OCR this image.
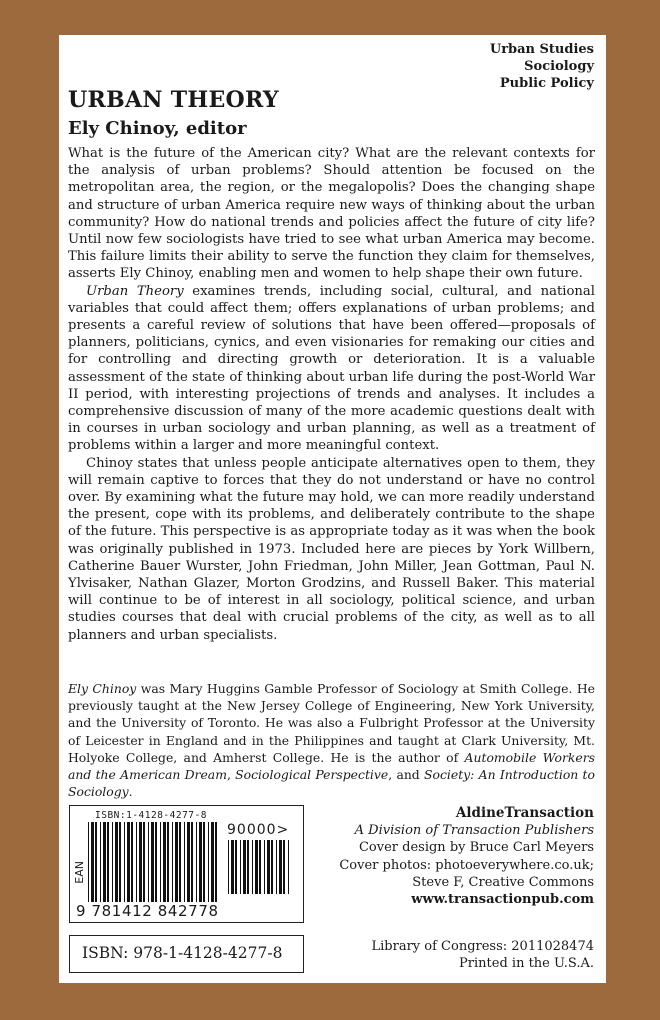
Urban Studies
Sociology
Public Policy
URBAN THEORY
Ely Chinoy, editor

What is the future of the American city? What are the relevant contexts for the analysis of urban problems? Should attention be focused on the metropolitan area, the region, or the megalopolis? Does the changing shape and structure of urban America require new ways of thinking about the urban community? How do national trends and policies affect the future of city life? Until now few sociologists have tried to see what urban America may become. This failure limits their ability to serve the function they claim for themselves, asserts Ely Chinoy, enabling men and women to help shape their own future.

Urban Theory examines trends, including social, cultural, and national variables that could affect them; offers explanations of urban problems; and presents a careful review of solutions that have been offered—proposals of planners, politicians, cynics, and even visionaries for remaking our cities and for controlling and directing growth or deterioration. It is a valuable assessment of the state of thinking about urban life during the post-World War II period, with interesting projections of trends and analyses. It includes a comprehensive discussion of many of the more academic questions dealt with in courses in urban sociology and urban planning, as well as a treatment of problems within a larger and more meaningful context.

Chinoy states that unless people anticipate alternatives open to them, they will remain captive to forces that they do not understand or have no control over. By examining what the future may hold, we can more readily understand the present, cope with its problems, and deliberately contribute to the shape of the future. This perspective is as appropriate today as it was when the book was originally published in 1973. Included here are pieces by York Willbern, Catherine Bauer Wurster, John Friedman, John Miller, Jean Gottman, Paul N. Ylvisaker, Nathan Glazer, Morton Grodzins, and Russell Baker. This material will continue to be of interest in all sociology, political science, and urban studies courses that deal with crucial problems of the city, as well as to all planners and urban specialists.

Ely Chinoy was Mary Huggins Gamble Professor of Sociology at Smith College. He previously taught at the New Jersey College of Engineering, New York University, and the University of Toronto. He was also a Fulbright Professor at the University of Leicester in England and in the Philippines and taught at Clark University, Mt. Holyoke College, and Amherst College. He is the author of Automobile Workers and the American Dream, Sociological Perspective, and Society: An Introduction to Sociology.

ISBN:1-4128-4277-8
EAN
9 781412 842778
90000>
ISBN: 978-1-4128-4277-8
AldineTransaction
A Division of Transaction Publishers
Cover design by Bruce Carl Meyers
Cover photos: photoeverywhere.co.uk;
Steve F, Creative Commons
www.transactionpub.com
Library of Congress: 2011028474
Printed in the U.S.A.
